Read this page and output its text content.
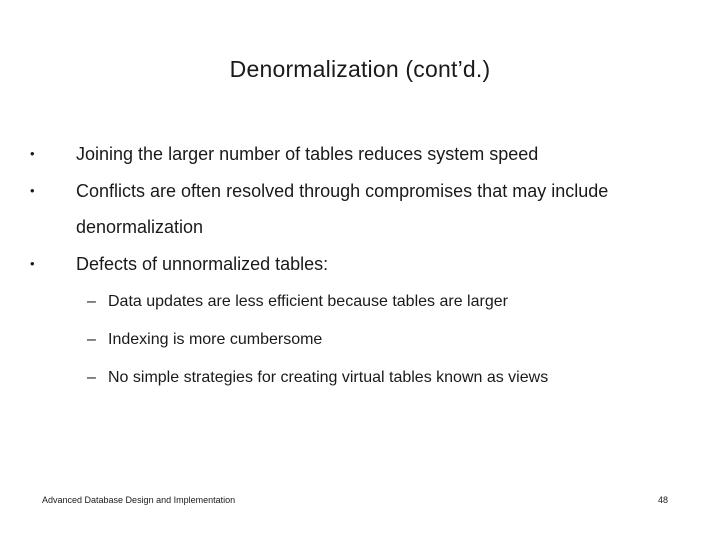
Denormalization (cont’d.)
• Joining the larger number of tables reduces system speed
• Conflicts are often resolved through compromises that may include denormalization
• Defects of unnormalized tables:
– Data updates are less efficient because tables are larger
– Indexing is more cumbersome
– No simple strategies for creating virtual tables known as views
Advanced Database Design and Implementation	48
